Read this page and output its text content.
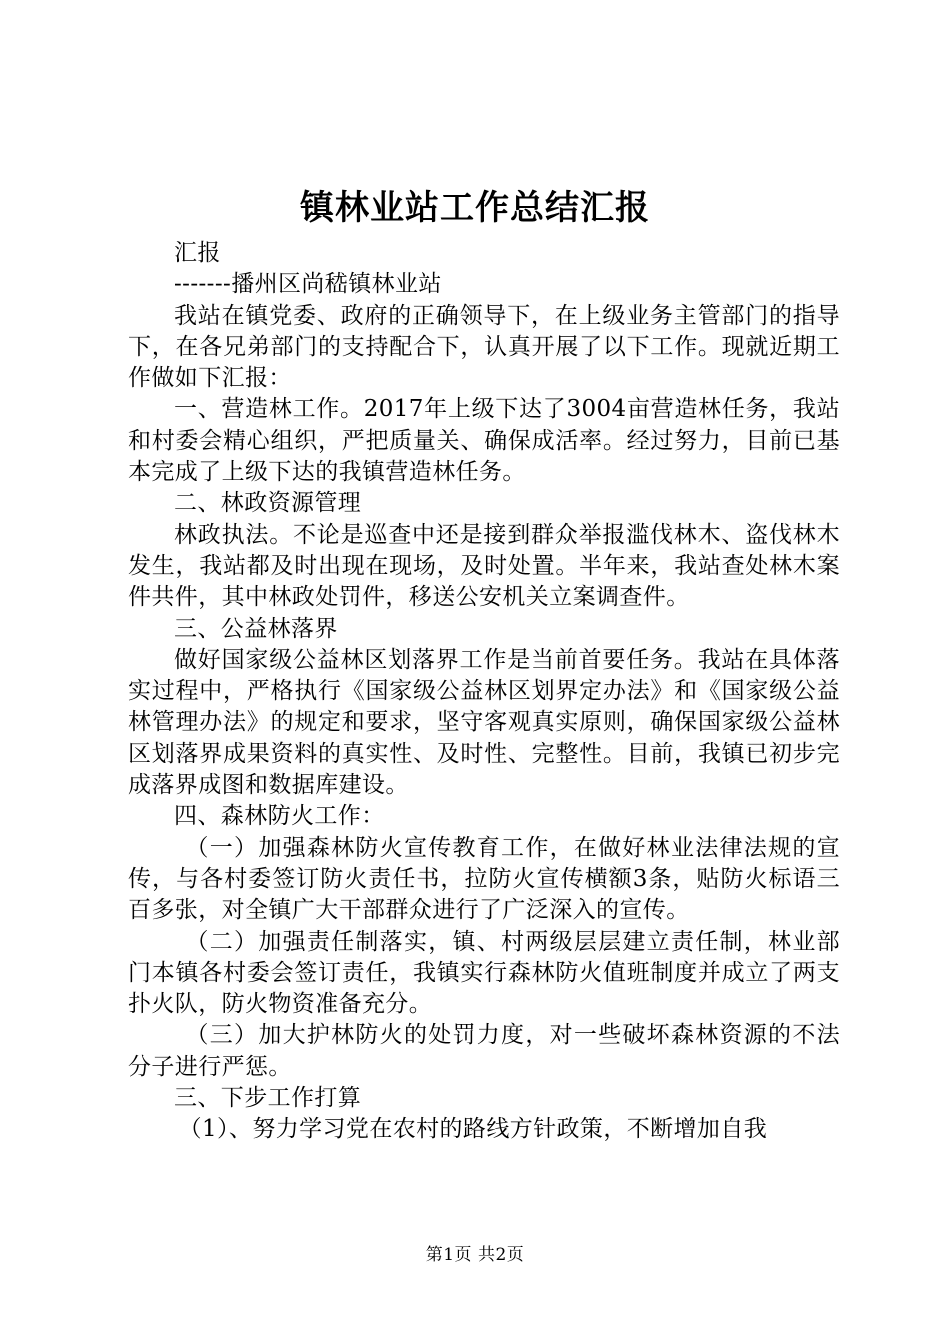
镇林业站工作总结汇报

汇报

-------播州区尚嵇镇林业站

我站在镇党委、政府的正确领导下，在上级业务主管部门的指导下，在各兄弟部门的支持配合下，认真开展了以下工作。现就近期工作做如下汇报：

一、营造林工作。2017年上级下达了3004亩营造林任务，我站和村委会精心组织，严把质量关、确保成活率。经过努力，目前已基本完成了上级下达的我镇营造林任务。

二、林政资源管理

林政执法。不论是巡查中还是接到群众举报滥伐林木、盗伐林木发生，我站都及时出现在现场，及时处置。半年来，我站查处林木案件共件，其中林政处罚件，移送公安机关立案调查件。

三、公益林落界

做好国家级公益林区划落界工作是当前首要任务。我站在具体落实过程中，严格执行《国家级公益林区划界定办法》和《国家级公益林管理办法》的规定和要求，坚守客观真实原则，确保国家级公益林区划落界成果资料的真实性、及时性、完整性。目前，我镇已初步完成落界成图和数据库建设。

四、森林防火工作：

（一）加强森林防火宣传教育工作，在做好林业法律法规的宣传，与各村委签订防火责任书，拉防火宣传横额3条，贴防火标语三百多张，对全镇广大干部群众进行了广泛深入的宣传。

（二）加强责任制落实，镇、村两级层层建立责任制，林业部门本镇各村委会签订责任，我镇实行森林防火值班制度并成立了两支扑火队，防火物资准备充分。

（三）加大护林防火的处罚力度，对一些破坏森林资源的不法分子进行严惩。

三、下步工作打算

（1）、努力学习党在农村的路线方针政策，不断增加自我

第1页 共2页
